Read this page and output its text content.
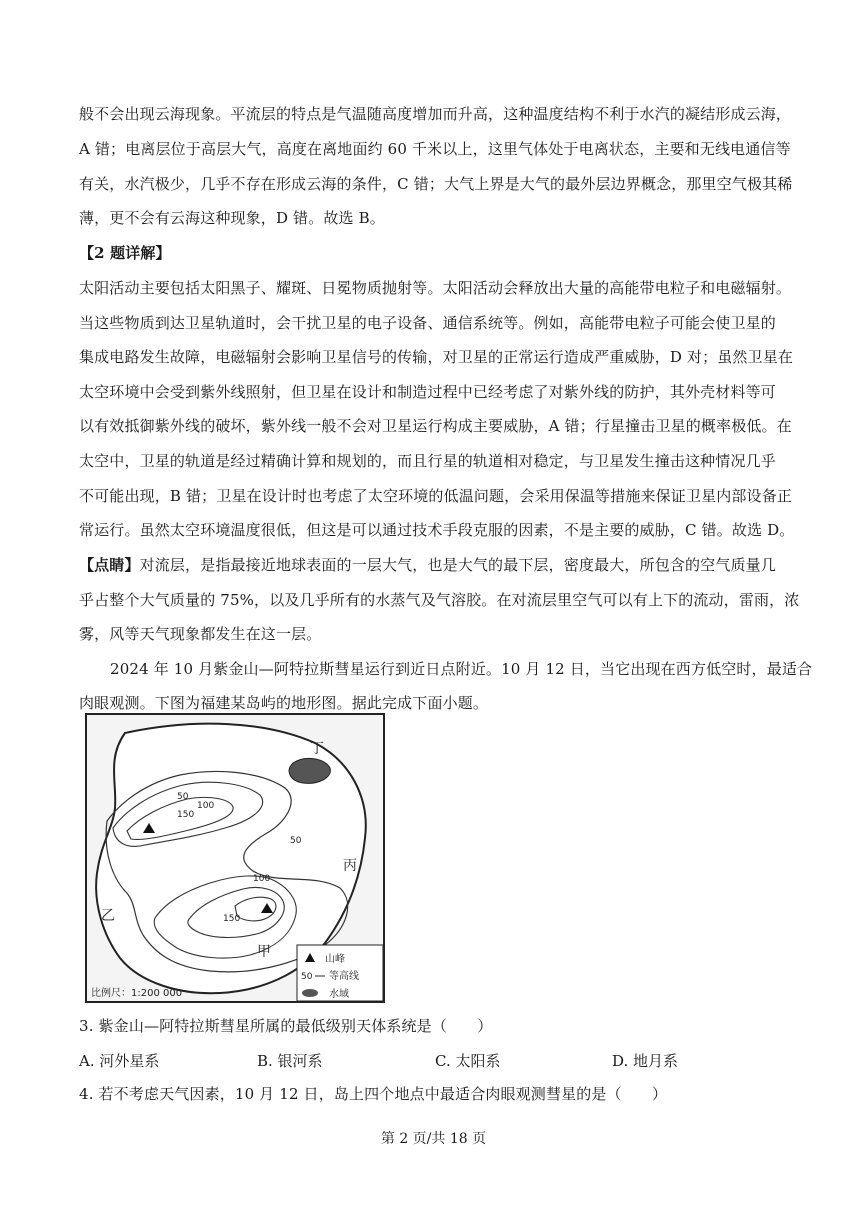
般不会出现云海现象。平流层的特点是气温随高度增加而升高，这种温度结构不利于水汽的凝结形成云海，
A 错；电离层位于高层大气，高度在离地面约 60 千米以上，这里气体处于电离状态，主要和无线电通信等
有关，水汽极少，几乎不存在形成云海的条件，C 错；大气上界是大气的最外层边界概念，那里空气极其稀
薄，更不会有云海这种现象，D 错。故选 B。
【2 题详解】
太阳活动主要包括太阳黑子、耀斑、日冕物质抛射等。太阳活动会释放出大量的高能带电粒子和电磁辐射。
当这些物质到达卫星轨道时，会干扰卫星的电子设备、通信系统等。例如，高能带电粒子可能会使卫星的
集成电路发生故障，电磁辐射会影响卫星信号的传输，对卫星的正常运行造成严重威胁，D 对；虽然卫星在
太空环境中会受到紫外线照射，但卫星在设计和制造过程中已经考虑了对紫外线的防护，其外壳材料等可
以有效抵御紫外线的破坏，紫外线一般不会对卫星运行构成主要威胁，A 错；行星撞击卫星的概率极低。在
太空中，卫星的轨道是经过精确计算和规划的，而且行星的轨道相对稳定，与卫星发生撞击这种情况几乎
不可能出现，B 错；卫星在设计时也考虑了太空环境的低温问题，会采用保温等措施来保证卫星内部设备正
常运行。虽然太空环境温度很低，但这是可以通过技术手段克服的因素，不是主要的威胁，C 错。故选 D。
【点睛】对流层，是指最接近地球表面的一层大气，也是大气的最下层，密度最大，所包含的空气质量几
乎占整个大气质量的 75%，以及几乎所有的水蒸气及气溶胶。在对流层里空气可以有上下的流动，雷雨，浓
雾，风等天气现象都发生在这一层。
2024 年 10 月紫金山—阿特拉斯彗星运行到近日点附近。10 月 12 日，当它出现在西方低空时，最适合
肉眼观测。下图为福建某岛屿的地形图。据此完成下面小题。
50
100
150
50
100
150
丁
丙
乙
甲	山峰
50 等高线
水域
比例尺：1:200 000
3. 紫金山—阿特拉斯彗星所属的最低级别天体系统是（　　）
A. 河外星系	B. 银河系	C. 太阳系	D. 地月系
4. 若不考虑天气因素，10 月 12 日，岛上四个地点中最适合肉眼观测彗星的是（　　）
第 2 页/共 18 页
